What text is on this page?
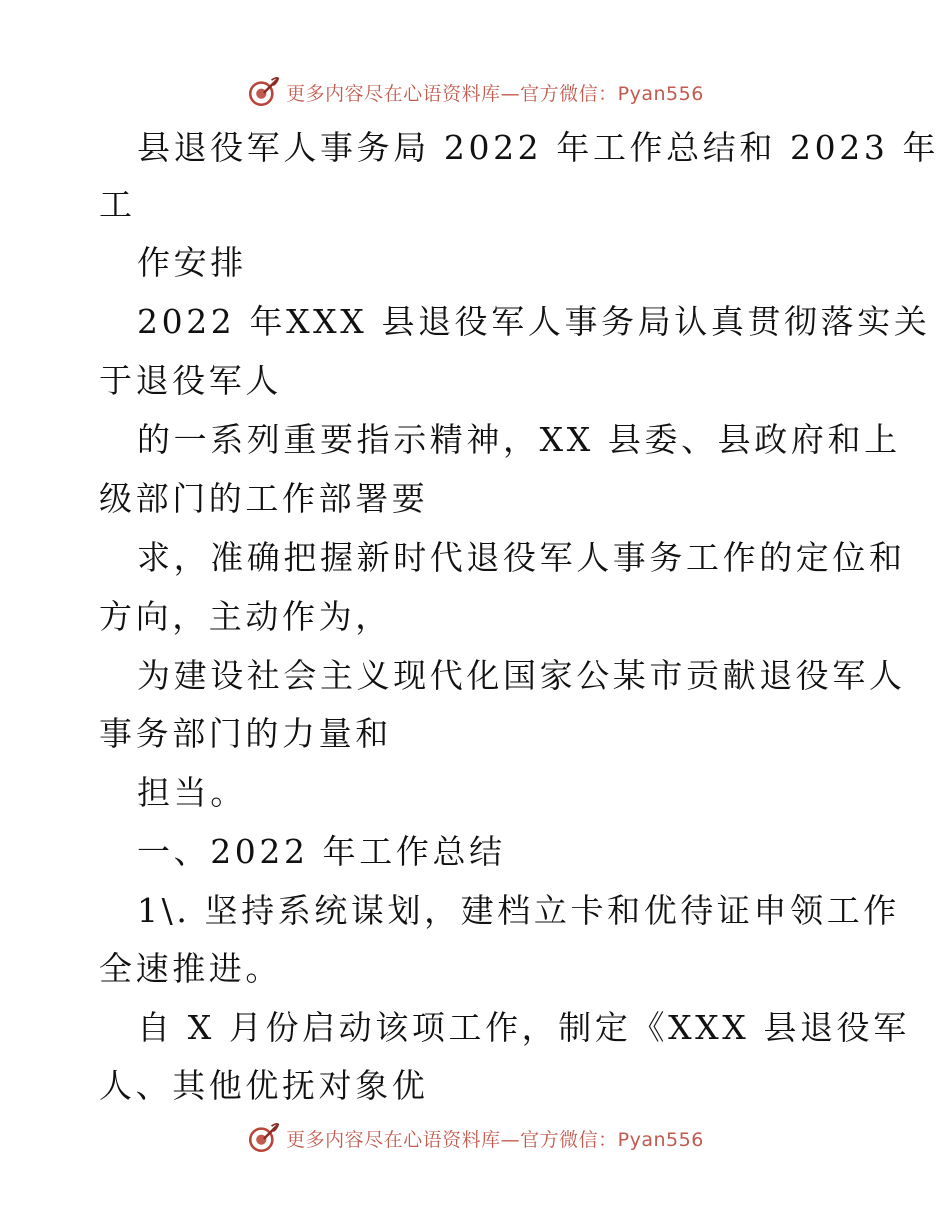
更多内容尽在心语资料库—官方微信：Pyan556
县退役军人事务局 2022 年工作总结和 2023 年
工
作安排
2022 年XXX 县退役军人事务局认真贯彻落实关
于退役军人
的一系列重要指示精神，XX 县委、县政府和上
级部门的工作部署要
求，准确把握新时代退役军人事务工作的定位和
方向，主动作为，
为建设社会主义现代化国家公某市贡献退役军人
事务部门的力量和
担当。
一、2022 年工作总结
1\. 坚持系统谋划，建档立卡和优待证申领工作
全速推进。
自 X 月份启动该项工作，制定《XXX 县退役军
人、其他优抚对象优
更多内容尽在心语资料库—官方微信：Pyan556
